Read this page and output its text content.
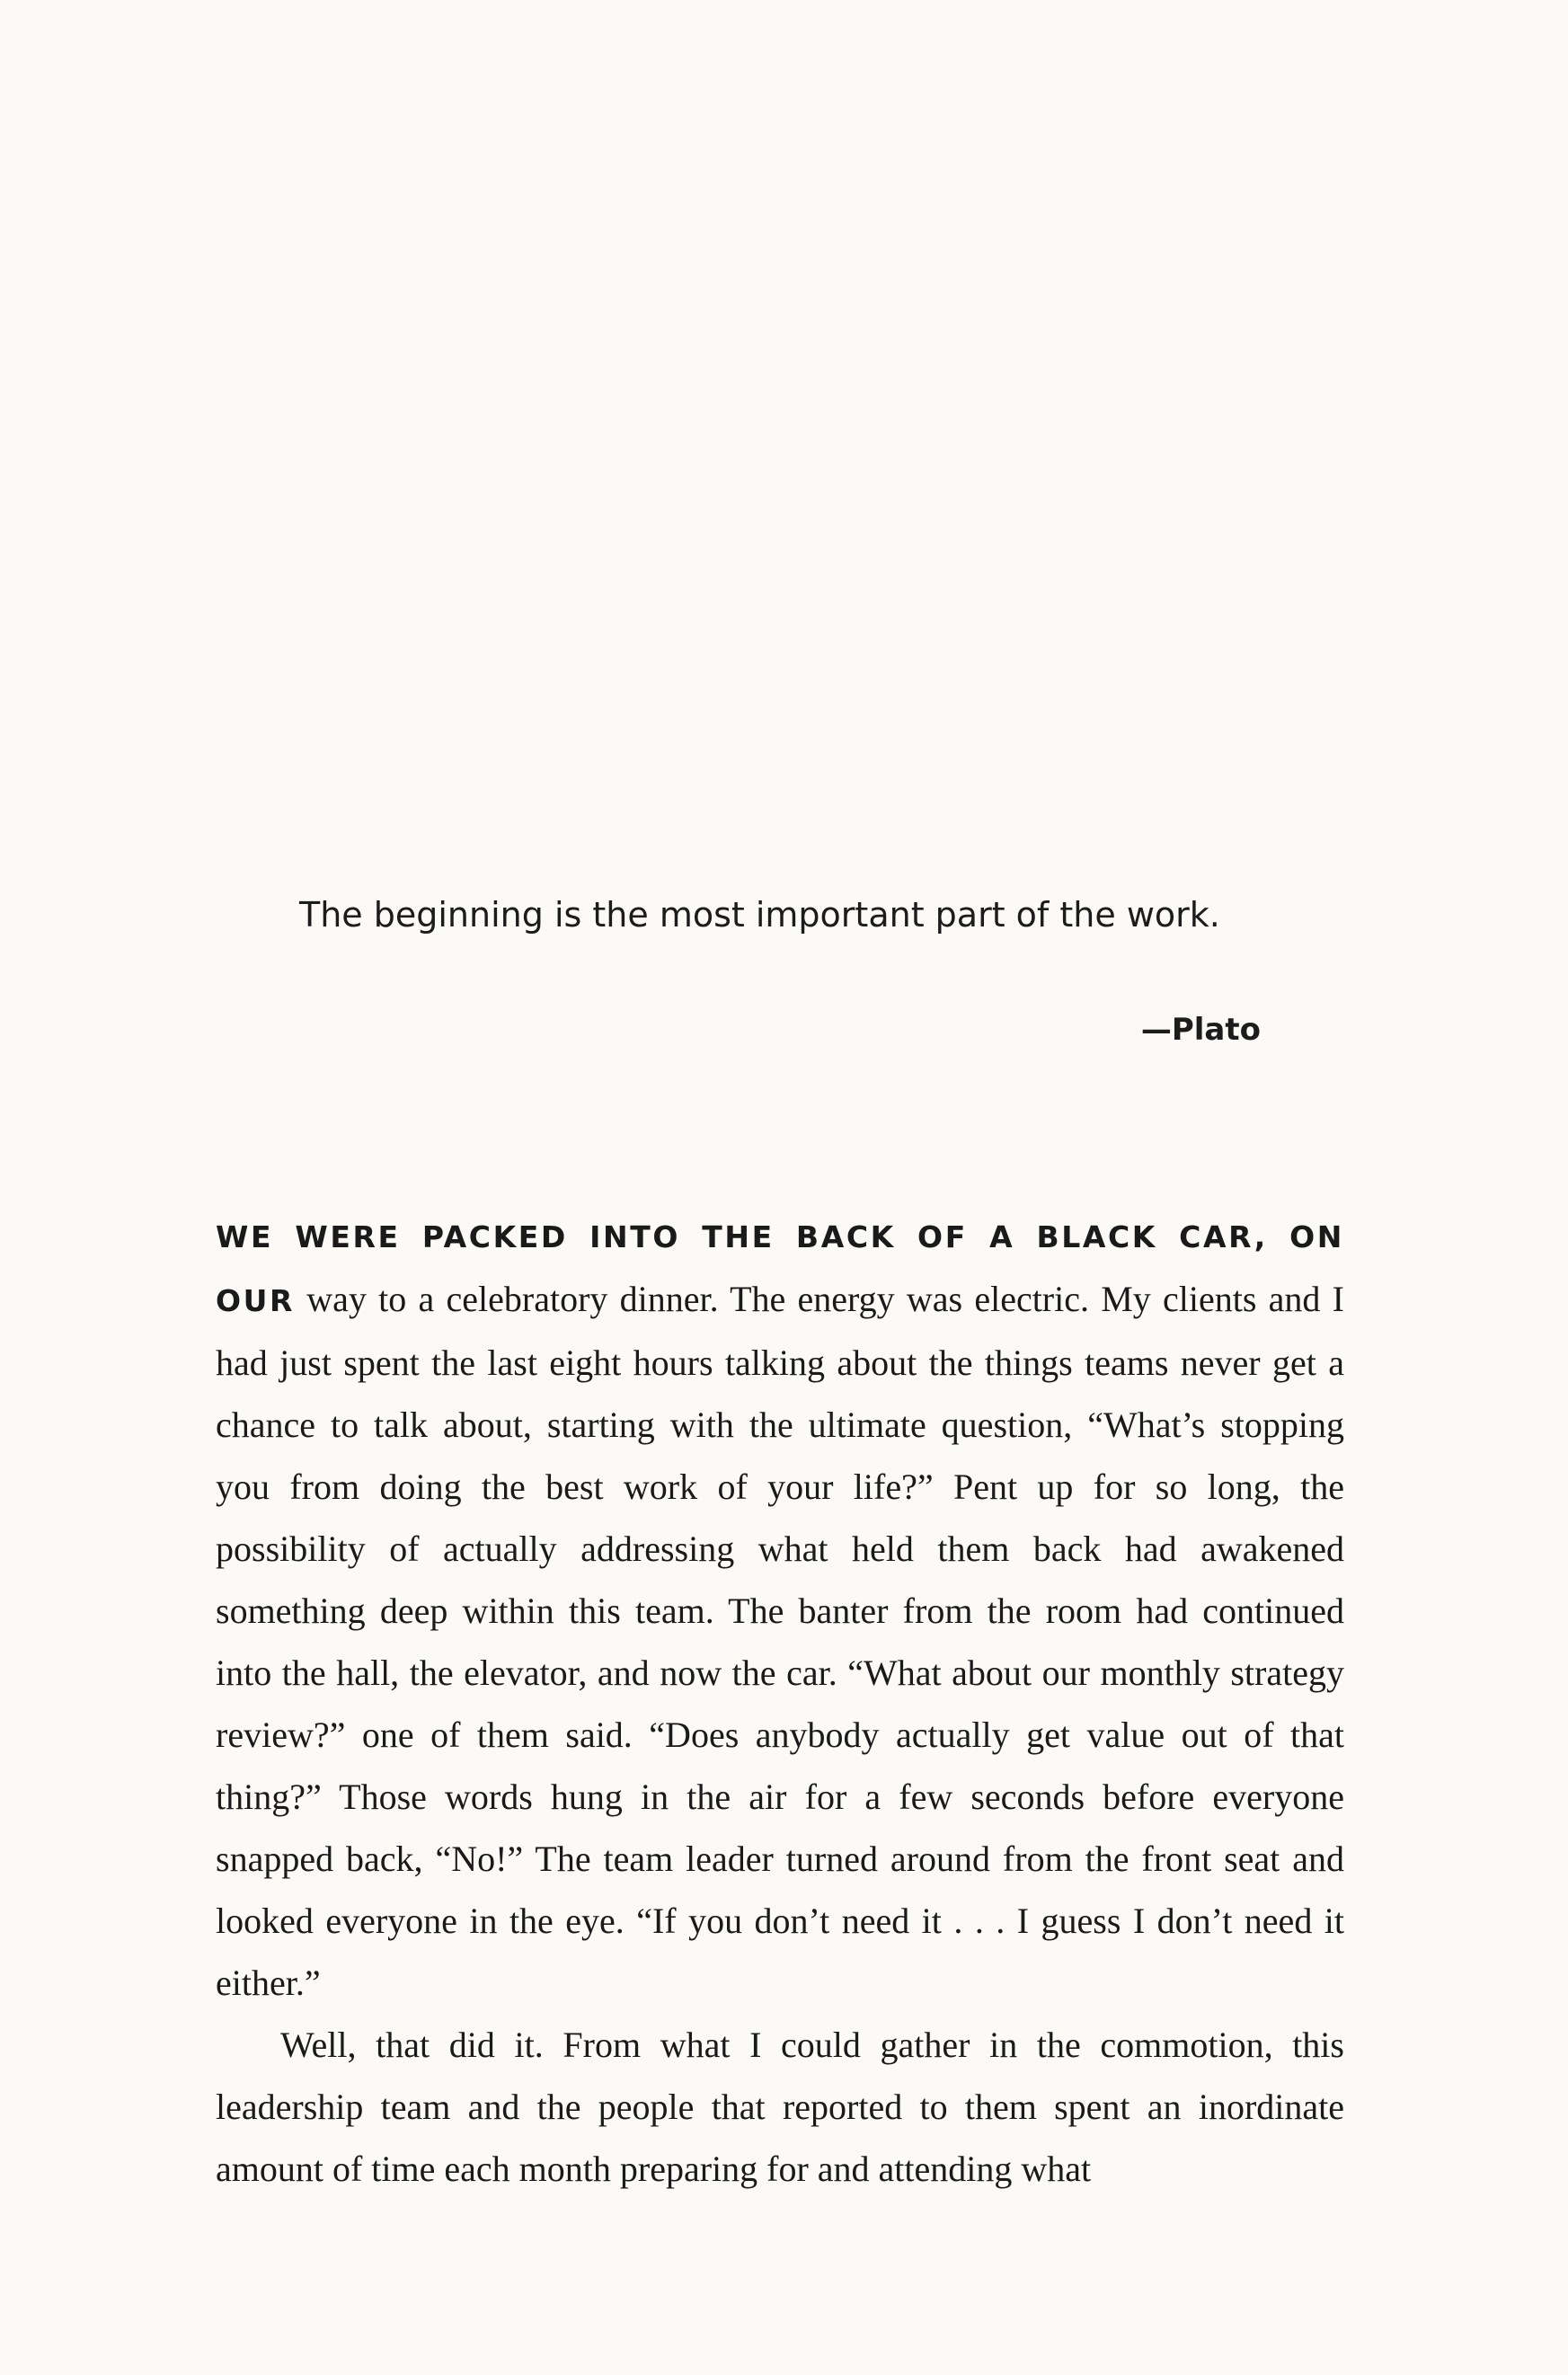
The beginning is the most important part of the work.

—Plato

WE WERE PACKED INTO THE BACK OF A BLACK CAR, ON OUR way to a celebratory dinner. The energy was electric. My clients and I had just spent the last eight hours talking about the things teams never get a chance to talk about, starting with the ultimate question, “What’s stopping you from doing the best work of your life?” Pent up for so long, the possibility of actually addressing what held them back had awakened something deep within this team. The banter from the room had continued into the hall, the elevator, and now the car. “What about our monthly strategy review?” one of them said. “Does anybody actually get value out of that thing?” Those words hung in the air for a few seconds before everyone snapped back, “No!” The team leader turned around from the front seat and looked everyone in the eye. “If you don’t need it . . . I guess I don’t need it either.”

Well, that did it. From what I could gather in the commotion, this leadership team and the people that reported to them spent an inordinate amount of time each month preparing for and attending what
